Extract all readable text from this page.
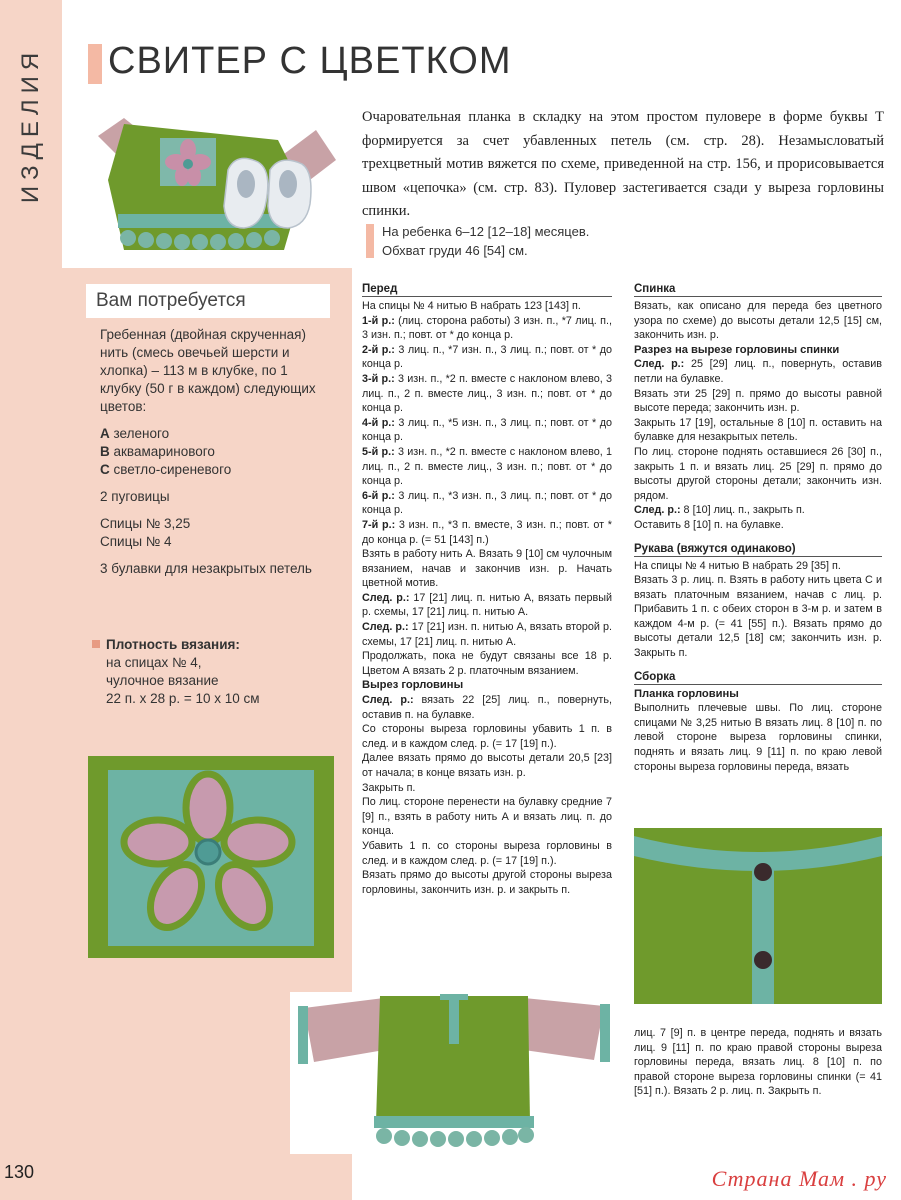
ИЗДЕЛИЯ
130
СВИТЕР С ЦВЕТКОМ

Очаровательная планка в складку на этом простом пуловере в форме буквы Т формируется за счет убавленных петель (см. стр. 28). Незамысловатый трехцветный мотив вяжется по схеме, приведенной на стр. 156, и прорисовывается швом «цепочка» (см. стр. 83). Пуловер застегивается сзади у выреза горловины спинки.

На ребенка 6–12 [12–18] месяцев.
Обхват груди 46 [54] см.
Вам потребуется

Гребенная (двойная скрученная) нить (смесь овечьей шерсти и хлопка) – 113 м в клубке, по 1 клубку (50 г в каждом) следующих цветов:

А зеленого
В аквамаринового
С светло-сиреневого

2 пуговицы

Спицы № 3,25

Спицы № 4

3 булавки для незакрытых петель

Плотность вязания:
на спицах № 4,
чулочное вязание
22 п. х 28 р. = 10 х 10 см
Перед

На спицы № 4 нитью В набрать 123 [143] п.

1-й р.: (лиц. сторона работы) 3 изн. п., *7 лиц. п., 3 изн. п.; повт. от * до конца р.

2-й р.: 3 лиц. п., *7 изн. п., 3 лиц. п.; повт. от * до конца р.

3-й р.: 3 изн. п., *2 п. вместе с наклоном влево, 3 лиц. п., 2 п. вместе лиц., 3 изн. п.; повт. от * до конца р.

4-й р.: 3 лиц. п., *5 изн. п., 3 лиц. п.; повт. от * до конца р.

5-й р.: 3 изн. п., *2 п. вместе с наклоном влево, 1 лиц. п., 2 п. вместе лиц., 3 изн. п.; повт. от * до конца р.

6-й р.: 3 лиц. п., *3 изн. п., 3 лиц. п.; повт. от * до конца р.

7-й р.: 3 изн. п., *3 п. вместе, 3 изн. п.; повт. от * до конца р. (= 51 [143] п.)

Взять в работу нить А. Вязать 9 [10] см чулочным вязанием, начав и закончив изн. р. Начать цветной мотив.

След. р.: 17 [21] лиц. п. нитью А, вязать первый р. схемы, 17 [21] лиц. п. нитью А.

След. р.: 17 [21] изн. п. нитью А, вязать второй р. схемы, 17 [21] лиц. п. нитью А.

Продолжать, пока не будут связаны все 18 р. Цветом А вязать 2 р. платочным вязанием.

Вырез горловины

След. р.: вязать 22 [25] лиц. п., повернуть, оставив п. на булавке.

Со стороны выреза горловины убавить 1 п. в след. и в каждом след. р. (= 17 [19] п.).

Далее вязать прямо до высоты детали 20,5 [23] от начала; в конце вязать изн. р.

Закрыть п.

По лиц. стороне перенести на булавку средние 7 [9] п., взять в работу нить А и вязать лиц. п. до конца.

Убавить 1 п. со стороны выреза горловины в след. и в каждом след. р. (= 17 [19] п.).

Вязать прямо до высоты другой стороны выреза горловины, закончить изн. р. и закрыть п.

Спинка

Вязать, как описано для переда без цветного узора по схеме) до высоты детали 12,5 [15] см, закончить изн. р.

Разрез на вырезе горловины спинки

След. р.: 25 [29] лиц. п., повернуть, оставив петли на булавке.

Вязать эти 25 [29] п. прямо до высоты равной высоте переда; закончить изн. р.

Закрыть 17 [19], остальные 8 [10] п. оставить на булавке для незакрытых петель.

По лиц. стороне поднять оставшиеся 26 [30] п., закрыть 1 п. и вязать лиц. 25 [29] п. прямо до высоты другой стороны детали; закончить изн. рядом.

След. р.: 8 [10] лиц. п., закрыть п.

Оставить 8 [10] п. на булавке.

Рукава (вяжутся одинаково)

На спицы № 4 нитью В набрать 29 [35] п.

Вязать 3 р. лиц. п. Взять в работу нить цвета С и вязать платочным вязанием, начав с лиц. р. Прибавить 1 п. с обеих сторон в 3-м р. и затем в каждом 4-м р. (= 41 [55] п.). Вязать прямо до высоты детали 12,5 [18] см; закончить изн. р. Закрыть п.

Сборка
Планка горловины

Выполнить плечевые швы. По лиц. стороне спицами № 3,25 нитью В вязать лиц. 8 [10] п. по левой стороне выреза горловины спинки, поднять и вязать лиц. 9 [11] п. по краю левой стороны выреза горловины переда, вязать

лиц. 7 [9] п. в центре переда, поднять и вязать лиц. 9 [11] п. по краю правой стороны выреза горловины переда, вязать лиц. 8 [10] п. по правой стороне выреза горловины спинки (= 41 [51] п.). Вязать 2 р. лиц. п. Закрыть п.

Страна Мам . ру
